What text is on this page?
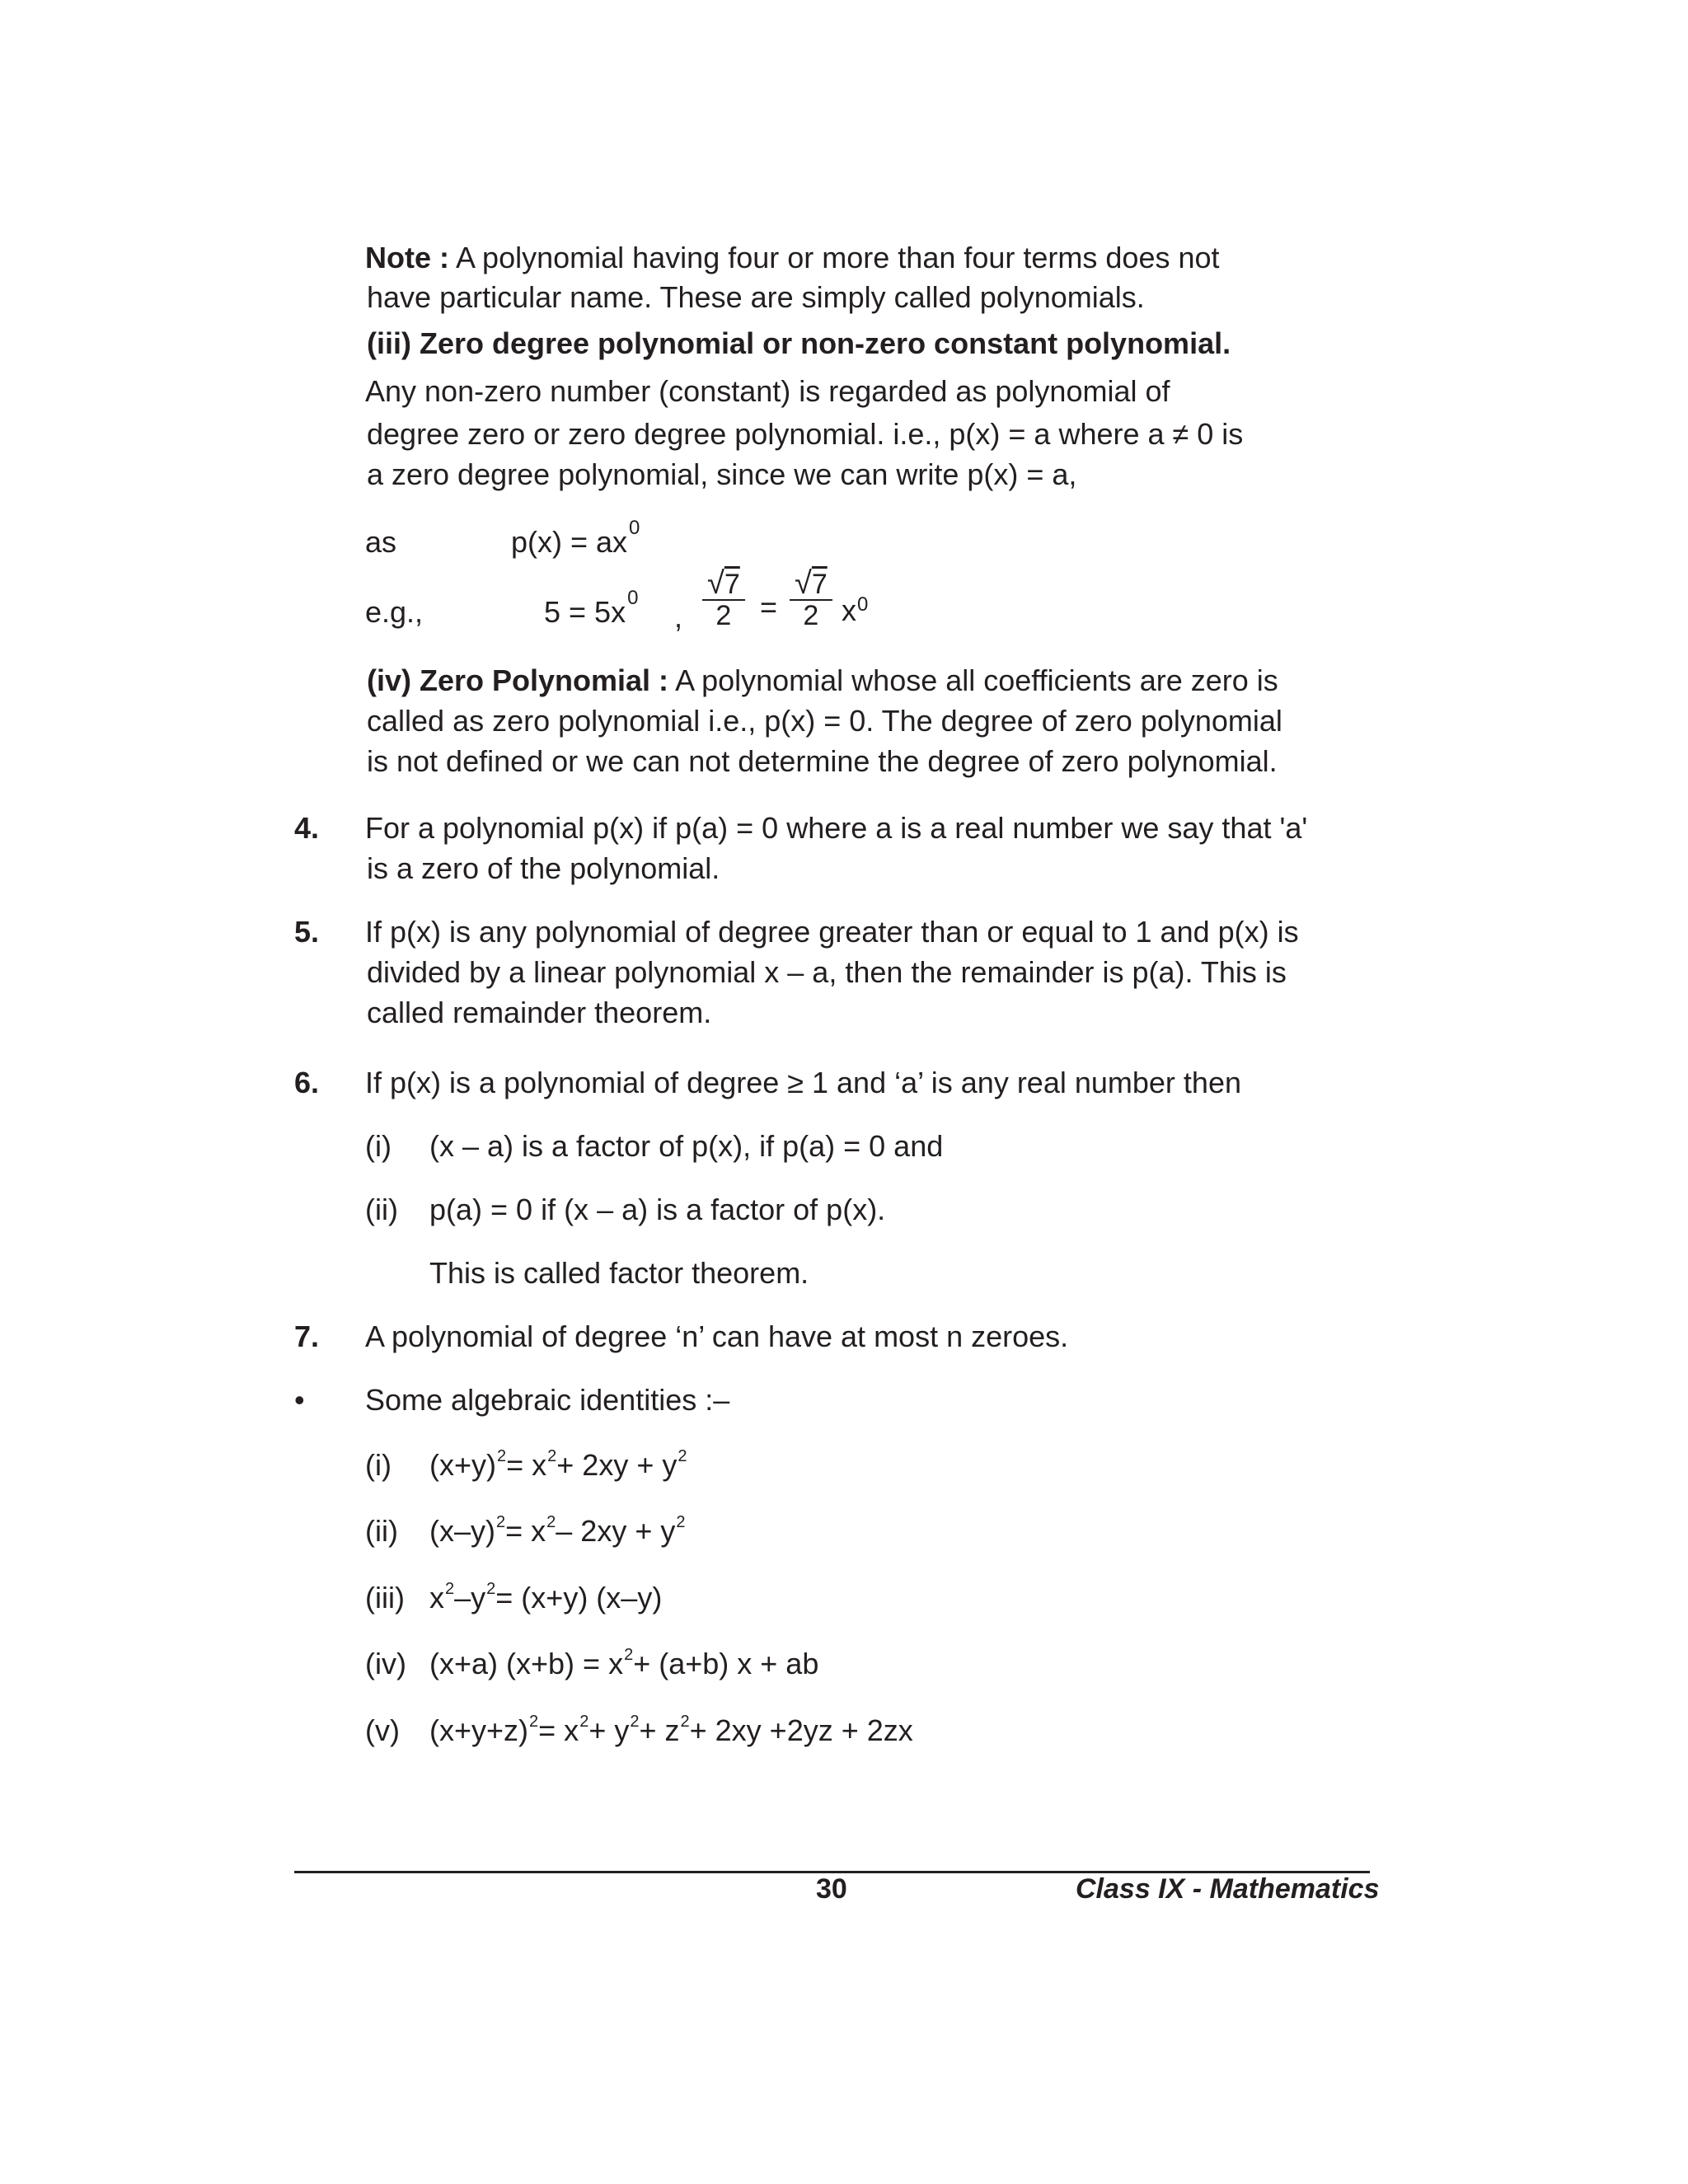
Note : A polynomial having four or more than four terms does not
have particular name. These are simply called polynomials.
(iii) Zero degree polynomial or non-zero constant polynomial.
Any non-zero number (constant) is regarded as polynomial of
degree zero or zero degree polynomial. i.e., p(x) = a where a ≠ 0 is
a zero degree polynomial, since we can write p(x) = a,
as	$p(x) = ax^0$
e.g.,	$5 = 5x^0$
, $\frac{√7}{2} = \frac{√7}{2} x^0$
(iv) Zero Polynomial : A polynomial whose all coefficients are zero is
called as zero polynomial i.e., p(x) = 0. The degree of zero polynomial
is not defined or we can not determine the degree of zero polynomial.
4. For a polynomial p(x) if p(a) = 0 where a is a real number we say that 'a'
is a zero of the polynomial.
5. If p(x) is any polynomial of degree greater than or equal to 1 and p(x) is
divided by a linear polynomial x – a, then the remainder is p(a). This is
called remainder theorem.
6. If p(x) is a polynomial of degree ≥ 1 and ‘a’ is any real number then
(i) (x – a) is a factor of p(x), if p(a) = 0 and
(ii) p(a) = 0 if (x – a) is a factor of p(x).
This is called factor theorem.
7. A polynomial of degree ‘n’ can have at most n zeroes.
• Some algebraic identities :–
(i) $(x+y)^2= x^2+ 2xy + y^2$
(ii) $(x-y)^2= x^2-$ $2xy + y^2$
(iii) $x^2-y^2= (x+y)$ (x–y)
(iv) (x+a) $(x+b) = x^2+ (a+b) x$ + ab
(v) $(x+y+z)^2= x^2+ y^2+ z^2+ 2xy +2yz + 2zx$
30	Class IX - Mathematics
